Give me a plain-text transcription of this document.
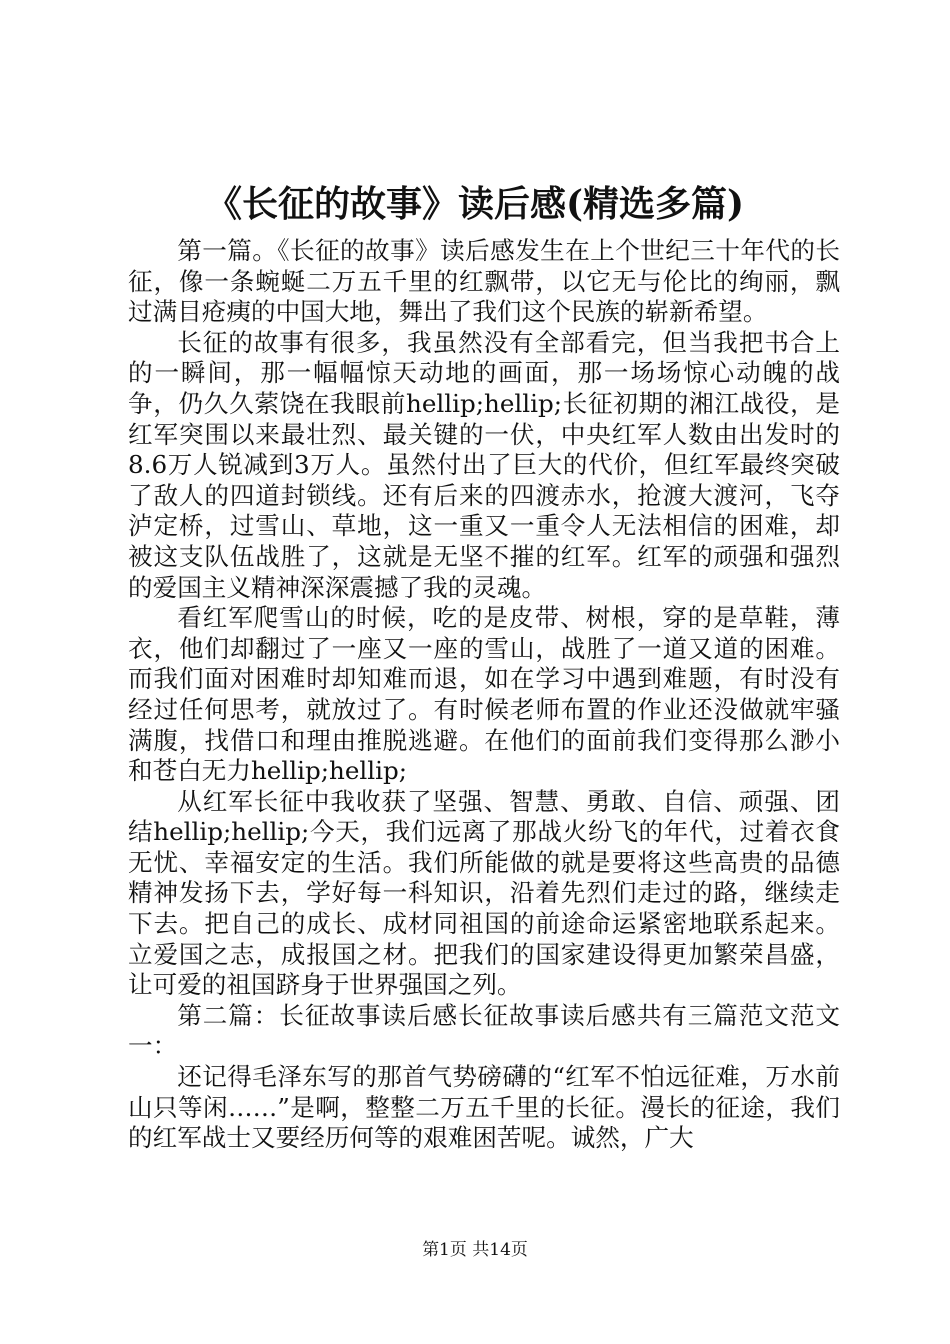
《长征的故事》读后感(精选多篇)

第一篇。《长征的故事》读后感发生在上个世纪三十年代的长征，像一条蜿蜒二万五千里的红飘带，以它无与伦比的绚丽，飘过满目疮痍的中国大地，舞出了我们这个民族的崭新希望。

长征的故事有很多，我虽然没有全部看完，但当我把书合上的一瞬间，那一幅幅惊天动地的画面，那一场场惊心动魄的战争，仍久久萦饶在我眼前hellip;hellip;长征初期的湘江战役，是红军突围以来最壮烈、最关键的一伏，中央红军人数由出发时的8.6万人锐减到3万人。虽然付出了巨大的代价，但红军最终突破了敌人的四道封锁线。还有后来的四渡赤水，抢渡大渡河，飞夺泸定桥，过雪山、草地，这一重又一重令人无法相信的困难，却被这支队伍战胜了，这就是无坚不摧的红军。红军的顽强和强烈的爱国主义精神深深震撼了我的灵魂。

看红军爬雪山的时候，吃的是皮带、树根，穿的是草鞋，薄衣，他们却翻过了一座又一座的雪山，战胜了一道又道的困难。而我们面对困难时却知难而退，如在学习中遇到难题，有时没有经过任何思考，就放过了。有时候老师布置的作业还没做就牢骚满腹，找借口和理由推脱逃避。在他们的面前我们变得那么渺小和苍白无力hellip;hellip;

从红军长征中我收获了坚强、智慧、勇敢、自信、顽强、团结hellip;hellip;今天，我们远离了那战火纷飞的年代，过着衣食无忧、幸福安定的生活。我们所能做的就是要将这些高贵的品德精神发扬下去，学好每一科知识，沿着先烈们走过的路，继续走下去。把自己的成长、成材同祖国的前途命运紧密地联系起来。立爱国之志，成报国之材。把我们的国家建设得更加繁荣昌盛，让可爱的祖国跻身于世界强国之列。

第二篇：长征故事读后感长征故事读后感共有三篇范文范文一：

还记得毛泽东写的那首气势磅礴的“红军不怕远征难，万水前山只等闲……”是啊，整整二万五千里的长征。漫长的征途，我们的红军战士又要经历何等的艰难困苦呢。诚然，广大

第1页 共14页
